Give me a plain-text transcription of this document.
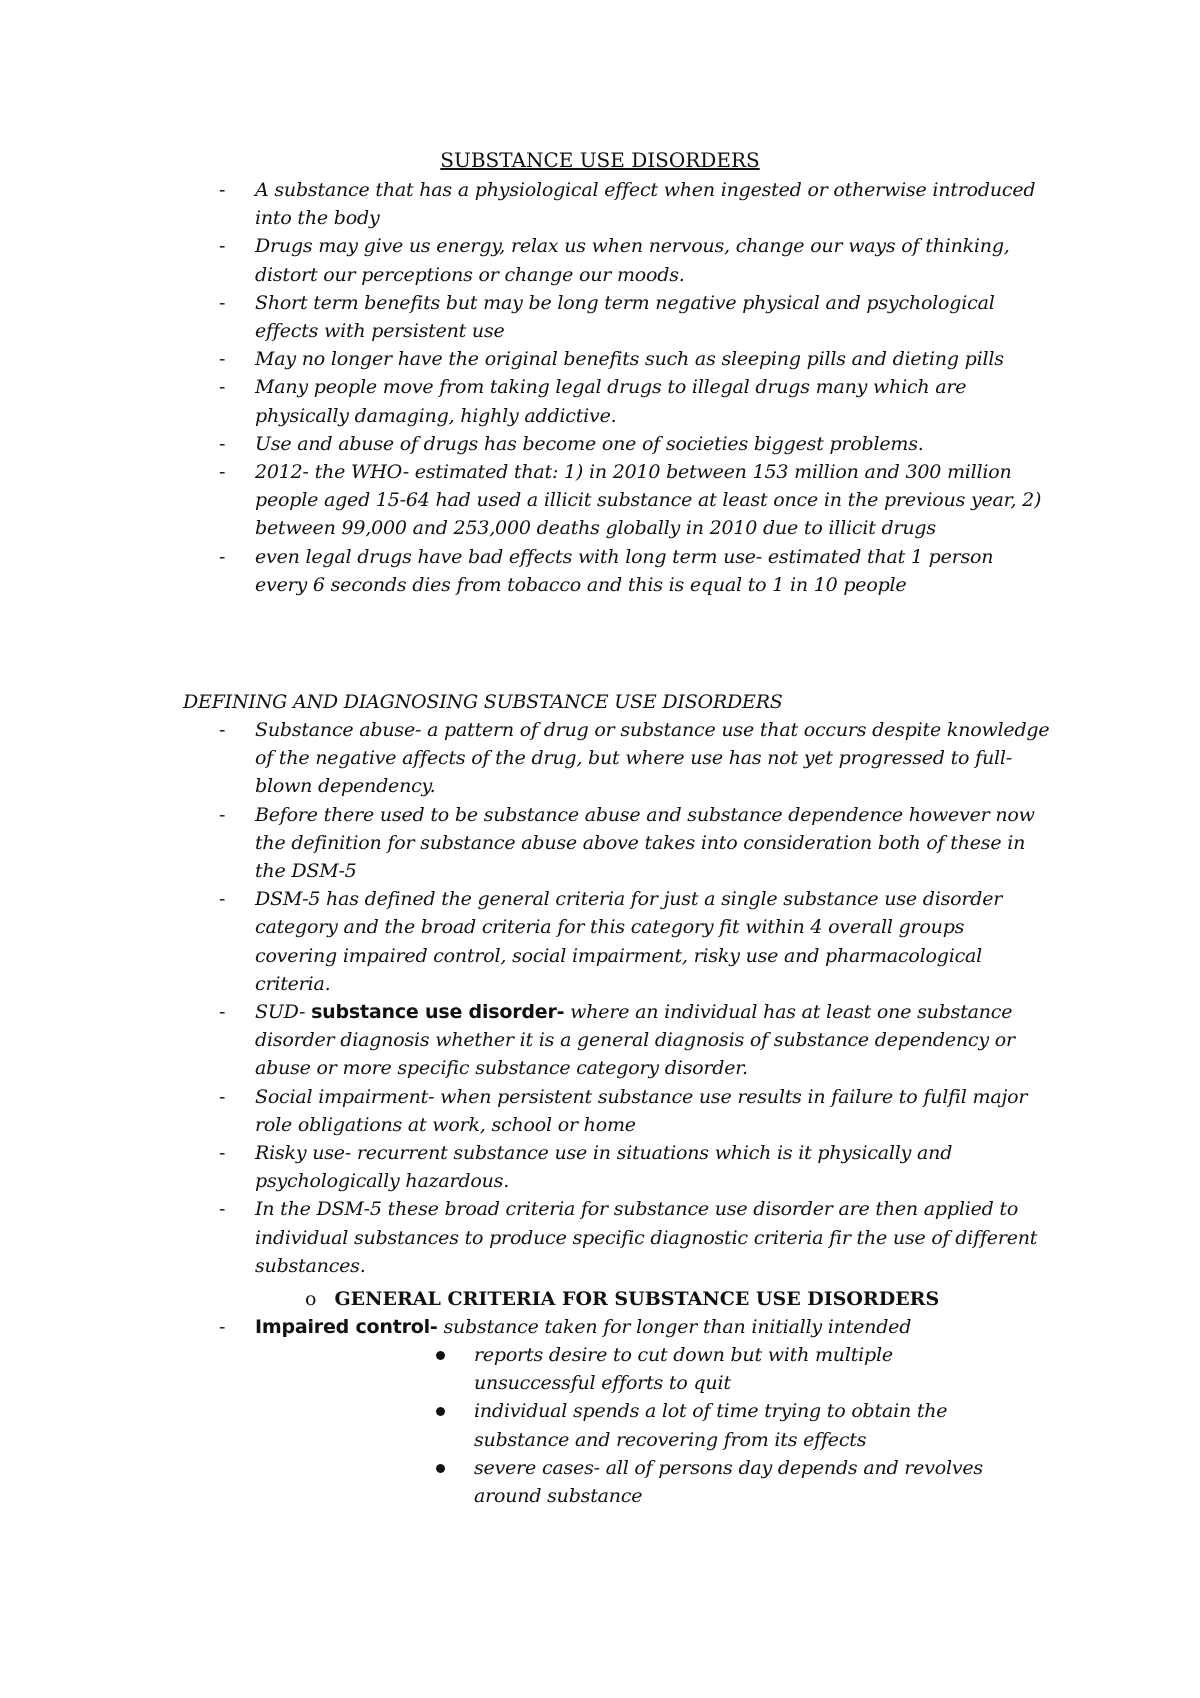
SUBSTANCE USE DISORDERS
- A substance that has a physiological effect when ingested or otherwise introduced into the body
- Drugs may give us energy, relax us when nervous, change our ways of thinking, distort our perceptions or change our moods.
- Short term benefits but may be long term negative physical and psychological effects with persistent use
- May no longer have the original benefits such as sleeping pills and dieting pills
- Many people move from taking legal drugs to illegal drugs many which are physically damaging, highly addictive.
- Use and abuse of drugs has become one of societies biggest problems.
- 2012- the WHO- estimated that: 1) in 2010 between 153 million and 300 million people aged 15-64 had used a illicit substance at least once in the previous year, 2) between 99,000 and 253,000 deaths globally in 2010 due to illicit drugs
- even legal drugs have bad effects with long term use- estimated that 1 person every 6 seconds dies from tobacco and this is equal to 1 in 10 people

DEFINING AND DIAGNOSING SUBSTANCE USE DISORDERS

- Substance abuse- a pattern of drug or substance use that occurs despite knowledge of the negative affects of the drug, but where use has not yet progressed to full-blown dependency.
- Before there used to be substance abuse and substance dependence however now the definition for substance abuse above takes into consideration both of these in the DSM-5
- DSM-5 has defined the general criteria for just a single substance use disorder category and the broad criteria for this category fit within 4 overall groups covering impaired control, social impairment, risky use and pharmacological criteria.
- SUD- substance use disorder- where an individual has at least one substance disorder diagnosis whether it is a general diagnosis of substance dependency or abuse or more specific substance category disorder.
- Social impairment- when persistent substance use results in failure to fulfil major role obligations at work, school or home
- Risky use- recurrent substance use in situations which is it physically and psychologically hazardous.
- In the DSM-5 these broad criteria for substance use disorder are then applied to individual substances to produce specific diagnostic criteria fir the use of different substances.

o GENERAL CRITERIA FOR SUBSTANCE USE DISORDERS

- Impaired control- substance taken for longer than initially intended
reports desire to cut down but with multiple unsuccessful efforts to quit
individual spends a lot of time trying to obtain the substance and recovering from its effects
severe cases- all of persons day depends and revolves around substance
